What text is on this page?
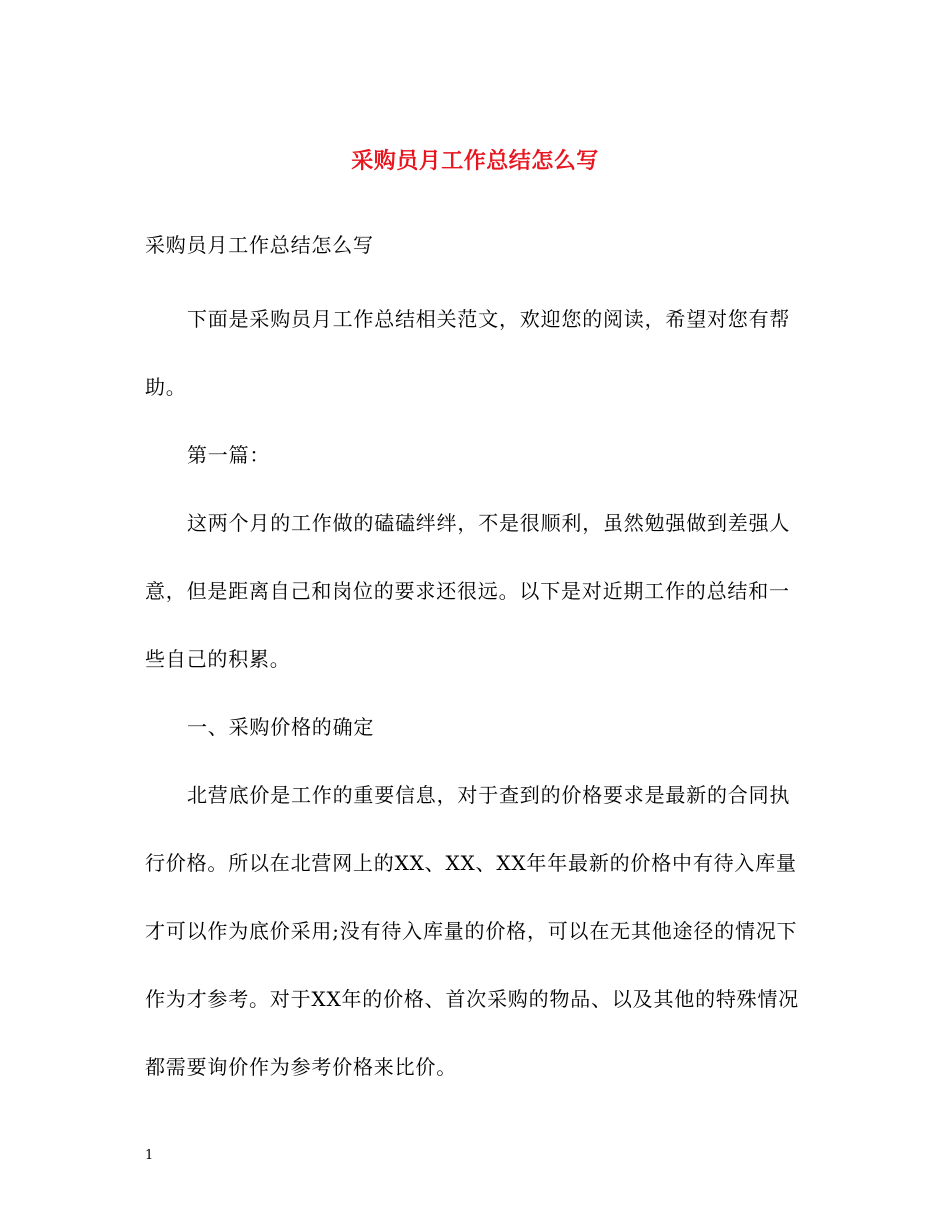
采购员月工作总结怎么写

采购员月工作总结怎么写

下面是采购员月工作总结相关范文，欢迎您的阅读，希望对您有帮助。

第一篇：

这两个月的工作做的磕磕绊绊，不是很顺利，虽然勉强做到差强人意，但是距离自己和岗位的要求还很远。以下是对近期工作的总结和一些自己的积累。

一、采购价格的确定

北营底价是工作的重要信息，对于查到的价格要求是最新的合同执行价格。所以在北营网上的XX、XX、XX年年最新的价格中有待入库量才可以作为底价采用;没有待入库量的价格，可以在无其他途径的情况下作为才参考。对于XX年的价格、首次采购的物品、以及其他的特殊情况都需要询价作为参考价格来比价。

1
